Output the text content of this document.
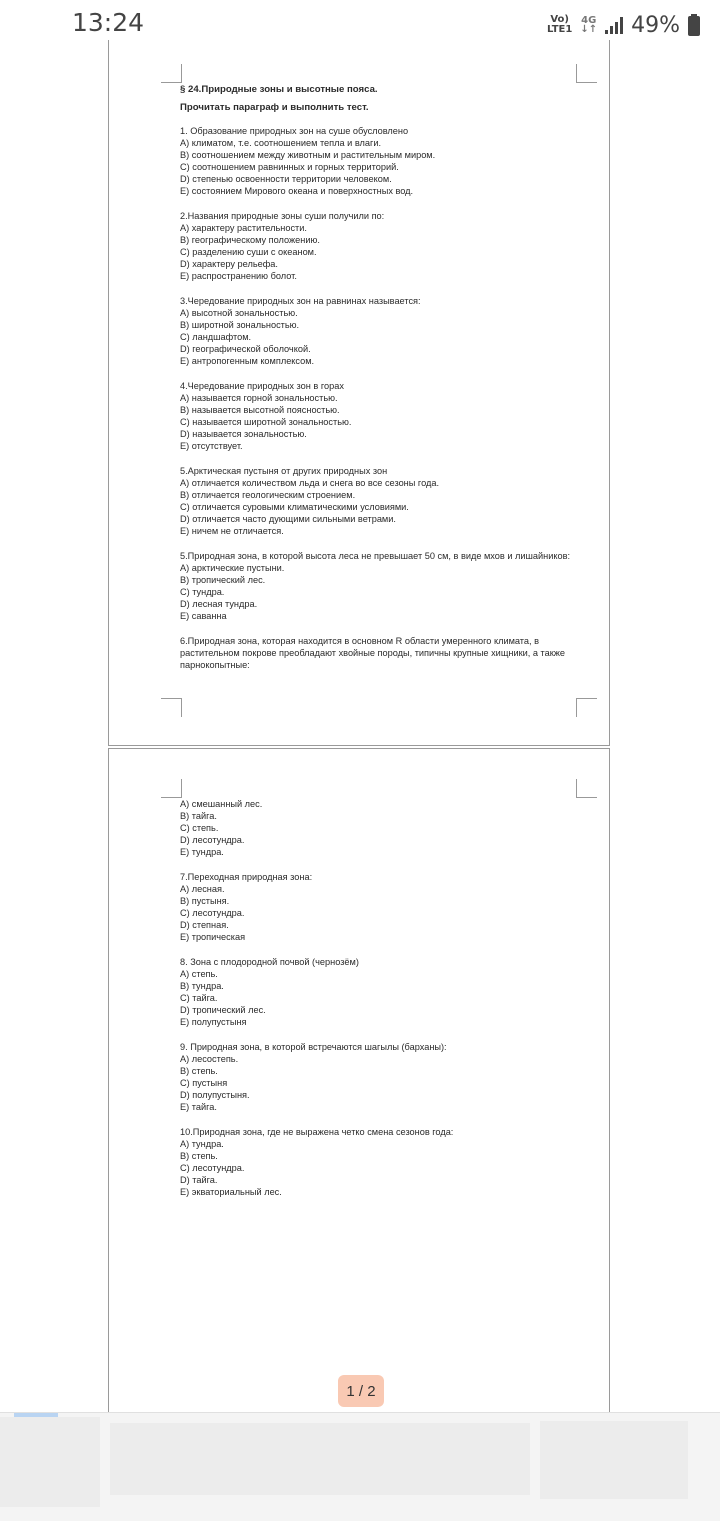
13:24	Vo)
LTE1
4G
↓↑ 49%
§ 24.Природные зоны и высотные пояса.
Прочитать параграф и выполнить тест.
1. Образование природных зон на суше обусловлено
А) климатом, т.е. соотношением тепла и влаги.
В) соотношением между животным и растительным миром.
С) соотношением равнинных и горных территорий.
D) степенью освоенности территории человеком.
Е) состоянием Мирового океана и поверхностных вод.
2.Названия природные зоны суши получили по:
А) характеру растительности.
В) географическому положению.
С) разделению суши с океаном.
D) характеру рельефа.
Е) распространению болот.
3.Чередование природных зон на равнинах называется:
А) высотной зональностью.
В) широтной зональностью.
С) ландшафтом.
D) географической оболочкой.
Е) антропогенным комплексом.
4.Чередование природных зон в горах
А) называется горной зональностью.
В) называется высотной поясностью.
С) называется широтной зональностью.
D) называется зональностью.
Е) отсутствует.
5.Арктическая пустыня от других природных зон
А) отличается количеством льда и снега во все сезоны года.
В) отличается геологическим строением.
С) отличается суровыми климатическими условиями.
D) отличается часто дующими сильными ветрами.
Е) ничем не отличается.
5.Природная зона, в которой высота леса не превышает 50 см, в виде мхов и лишайников:
А) арктические пустыни.
В) тропический лес.
С) тундра.
D) лесная тундра.
Е) саванна
6.Природная зона, которая находится в основном R области умеренного климата, в растительном покрове преобладают хвойные породы, типичны крупные хищники, а также парнокопытные:
А) смешанный лес.
В) тайга.
С) степь.
D) лесотундра.
Е) тундра.
7.Переходная природная зона:
А) лесная.
В) пустыня.
С) лесотундра.
D) степная.
Е) тропическая
8. Зона с плодородной почвой (чернозём)
А) степь.
В) тундра.
С) тайга.
D) тропический лес.
Е) полупустыня
9. Природная зона, в которой встречаются шагылы (барханы):
А) лесостепь.
В) степь.
С) пустыня
D) полупустыня.
Е) тайга.
10.Природная зона, где не выражена четко смена сезонов года:
А) тундра.
В) степь.
С) лесотундра.
D) тайга.
Е) экваториальный лес.
1 / 2
